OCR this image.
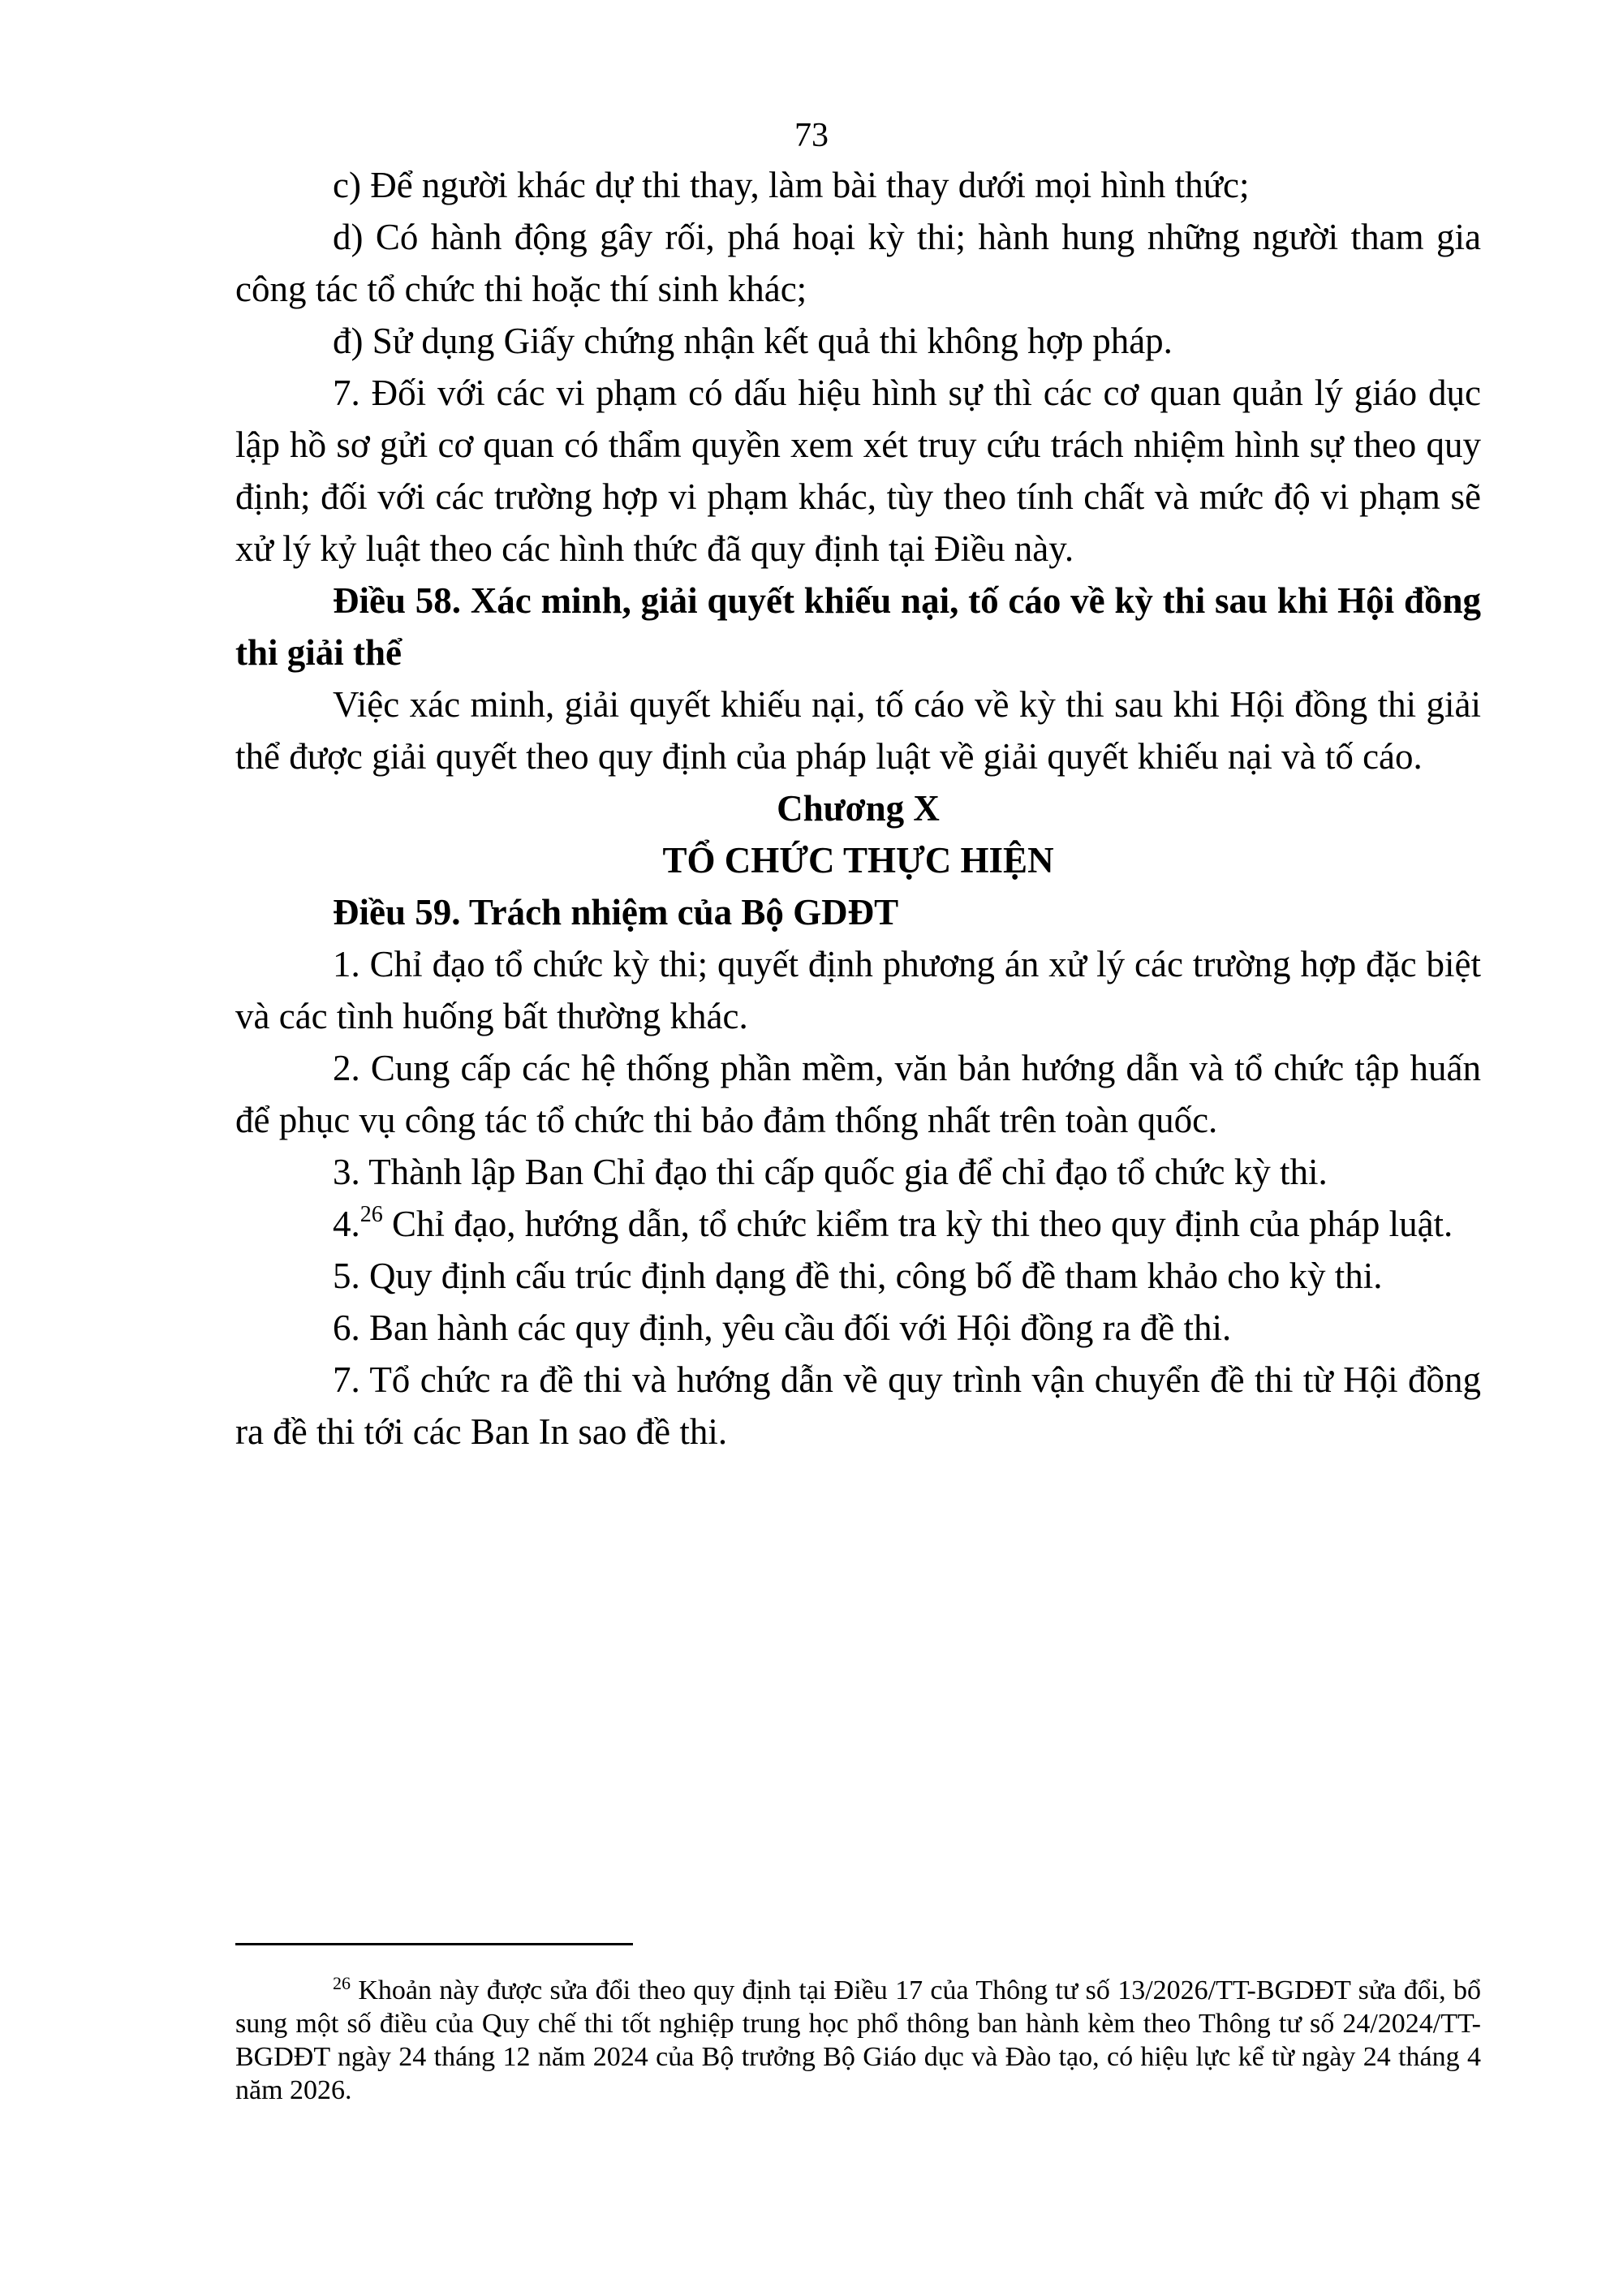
73

c) Để người khác dự thi thay, làm bài thay dưới mọi hình thức;

d) Có hành động gây rối, phá hoại kỳ thi; hành hung những người tham gia công tác tổ chức thi hoặc thí sinh khác;

đ) Sử dụng Giấy chứng nhận kết quả thi không hợp pháp.

7. Đối với các vi phạm có dấu hiệu hình sự thì các cơ quan quản lý giáo dục lập hồ sơ gửi cơ quan có thẩm quyền xem xét truy cứu trách nhiệm hình sự theo quy định; đối với các trường hợp vi phạm khác, tùy theo tính chất và mức độ vi phạm sẽ xử lý kỷ luật theo các hình thức đã quy định tại Điều này.

Điều 58. Xác minh, giải quyết khiếu nại, tố cáo về kỳ thi sau khi Hội đồng thi giải thể

Việc xác minh, giải quyết khiếu nại, tố cáo về kỳ thi sau khi Hội đồng thi giải thể được giải quyết theo quy định của pháp luật về giải quyết khiếu nại và tố cáo.

Chương X

TỔ CHỨC THỰC HIỆN

Điều 59. Trách nhiệm của Bộ GDĐT

1. Chỉ đạo tổ chức kỳ thi; quyết định phương án xử lý các trường hợp đặc biệt và các tình huống bất thường khác.

2. Cung cấp các hệ thống phần mềm, văn bản hướng dẫn và tổ chức tập huấn để phục vụ công tác tổ chức thi bảo đảm thống nhất trên toàn quốc.

3. Thành lập Ban Chỉ đạo thi cấp quốc gia để chỉ đạo tổ chức kỳ thi.

4.26 Chỉ đạo, hướng dẫn, tổ chức kiểm tra kỳ thi theo quy định của pháp luật.

5. Quy định cấu trúc định dạng đề thi, công bố đề tham khảo cho kỳ thi.

6. Ban hành các quy định, yêu cầu đối với Hội đồng ra đề thi.

7. Tổ chức ra đề thi và hướng dẫn về quy trình vận chuyển đề thi từ Hội đồng ra đề thi tới các Ban In sao đề thi.

$^{26}$ Khoản này được sửa đổi theo quy định tại Điều 17 của Thông tư số 13/2026/TT-BGDĐT sửa đổi, bổ sung một số điều của Quy chế thi tốt nghiệp trung học phổ thông ban hành kèm theo Thông tư số 24/2024/TT-BGDĐT ngày 24 tháng 12 năm 2024 của Bộ trưởng Bộ Giáo dục và Đào tạo, có hiệu lực kể từ ngày 24 tháng 4 năm 2026.
